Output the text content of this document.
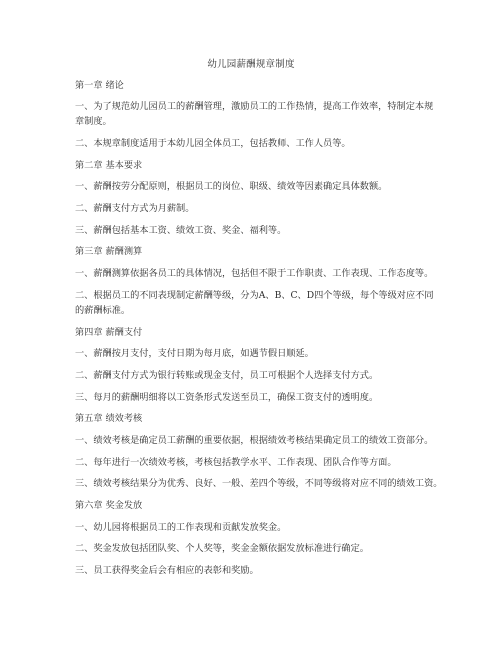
幼儿园薪酬规章制度
第一章 绪论
一、为了规范幼儿园员工的薪酬管理，激励员工的工作热情，提高工作效率，特制定本规
章制度。
二、本规章制度适用于本幼儿园全体员工，包括教师、工作人员等。
第二章 基本要求
一、薪酬按劳分配原则，根据员工的岗位、职级、绩效等因素确定具体数额。
二、薪酬支付方式为月薪制。
三、薪酬包括基本工资、绩效工资、奖金、福利等。
第三章 薪酬测算
一、薪酬测算依据各员工的具体情况，包括但不限于工作职责、工作表现、工作态度等。
二、根据员工的不同表现制定薪酬等级，分为A、B、C、D四个等级，每个等级对应不同
的薪酬标准。
第四章 薪酬支付
一、薪酬按月支付，支付日期为每月底，如遇节假日顺延。
二、薪酬支付方式为银行转账或现金支付，员工可根据个人选择支付方式。
三、每月的薪酬明细将以工资条形式发送至员工，确保工资支付的透明度。
第五章 绩效考核
一、绩效考核是确定员工薪酬的重要依据，根据绩效考核结果确定员工的绩效工资部分。
二、每年进行一次绩效考核，考核包括教学水平、工作表现、团队合作等方面。
三、绩效考核结果分为优秀、良好、一般、差四个等级，不同等级将对应不同的绩效工资。
第六章 奖金发放
一、幼儿园将根据员工的工作表现和贡献发放奖金。
二、奖金发放包括团队奖、个人奖等，奖金金额依据发放标准进行确定。
三、员工获得奖金后会有相应的表彰和奖励。
